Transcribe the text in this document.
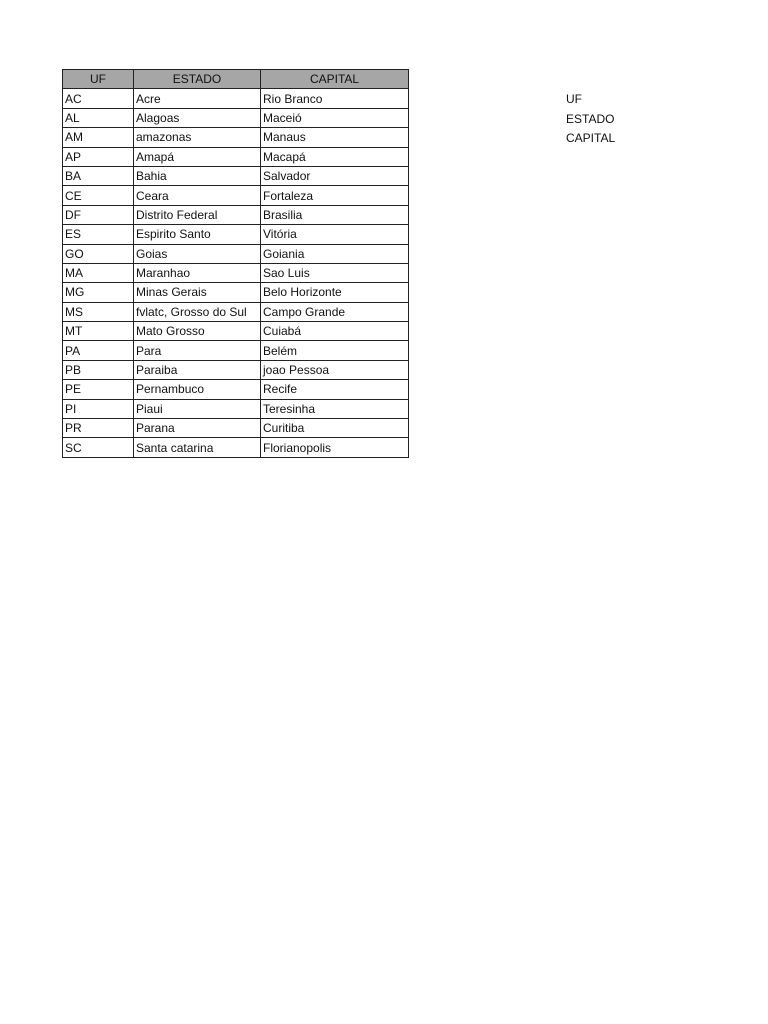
UF	ESTADO	CAPITAL
AC	Acre	Rio Branco
AL	Alagoas	Maceió
AM	amazonas	Manaus
AP	Amapá	Macapá
BA	Bahia	Salvador
CE	Ceara	Fortaleza
DF	Distrito Federal	Brasilia
ES	Espirito Santo	Vitória
GO	Goias	Goiania
MA	Maranhao	Sao Luis
MG	Minas Gerais	Belo Horizonte
MS	fvlatc, Grosso do Sul	Campo Grande
MT	Mato Grosso	Cuiabá
PA	Para	Belém
PB	Paraiba	joao Pessoa
PE	Pernambuco	Recife
PI	Piaui	Teresinha
PR	Parana	Curitiba
SC	Santa catarina	Florianopolis
UF
ESTADO
CAPITAL
